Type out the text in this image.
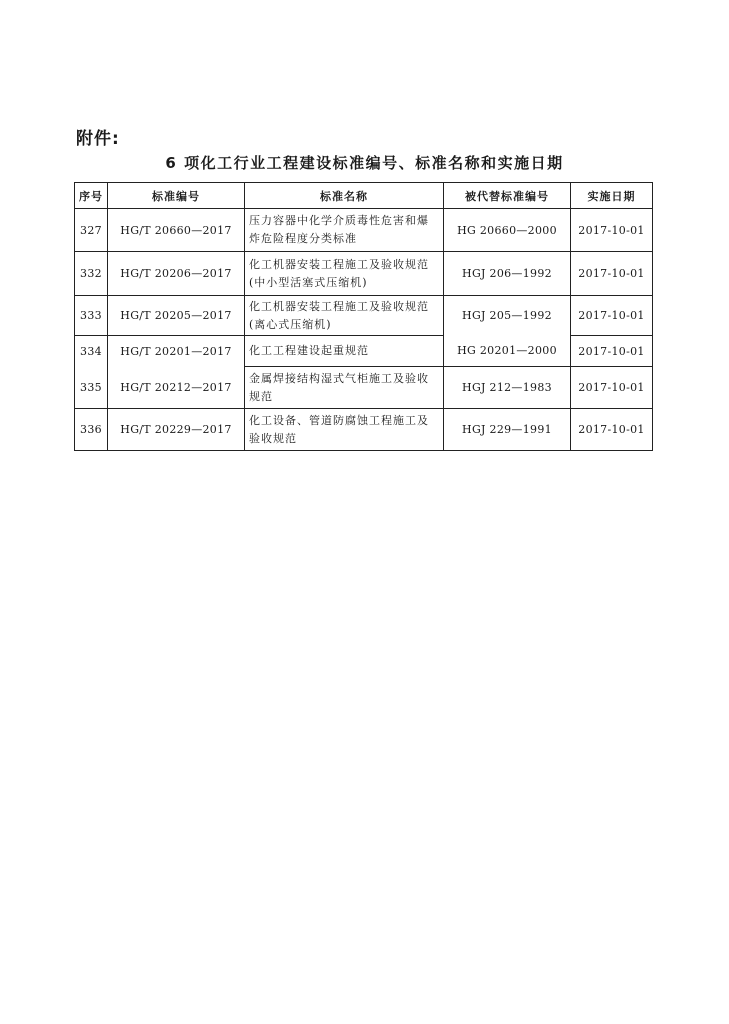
附件:
6 项化工行业工程建设标准编号、标准名称和实施日期
序号	标准编号	标准名称	被代替标准编号	实施日期
327	HG/T 20660—2017	压力容器中化学介质毒性危害和爆炸危险程度分类标准	HG 20660—2000	2017-10-01
332	HG/T 20206—2017	化工机器安装工程施工及验收规范(中小型活塞式压缩机)	HGJ 206—1992	2017-10-01
333	HG/T 20205—2017	化工机器安装工程施工及验收规范(离心式压缩机)	HGJ 205—1992	2017-10-01
334	HG/T 20201—2017	化工工程建设起重规范	HG 20201—2000	2017-10-01
335	HG/T 20212—2017	金属焊接结构湿式气柜施工及验收规范	HGJ 212—1983	2017-10-01
336	HG/T 20229—2017	化工设备、管道防腐蚀工程施工及验收规范	HGJ 229—1991	2017-10-01
